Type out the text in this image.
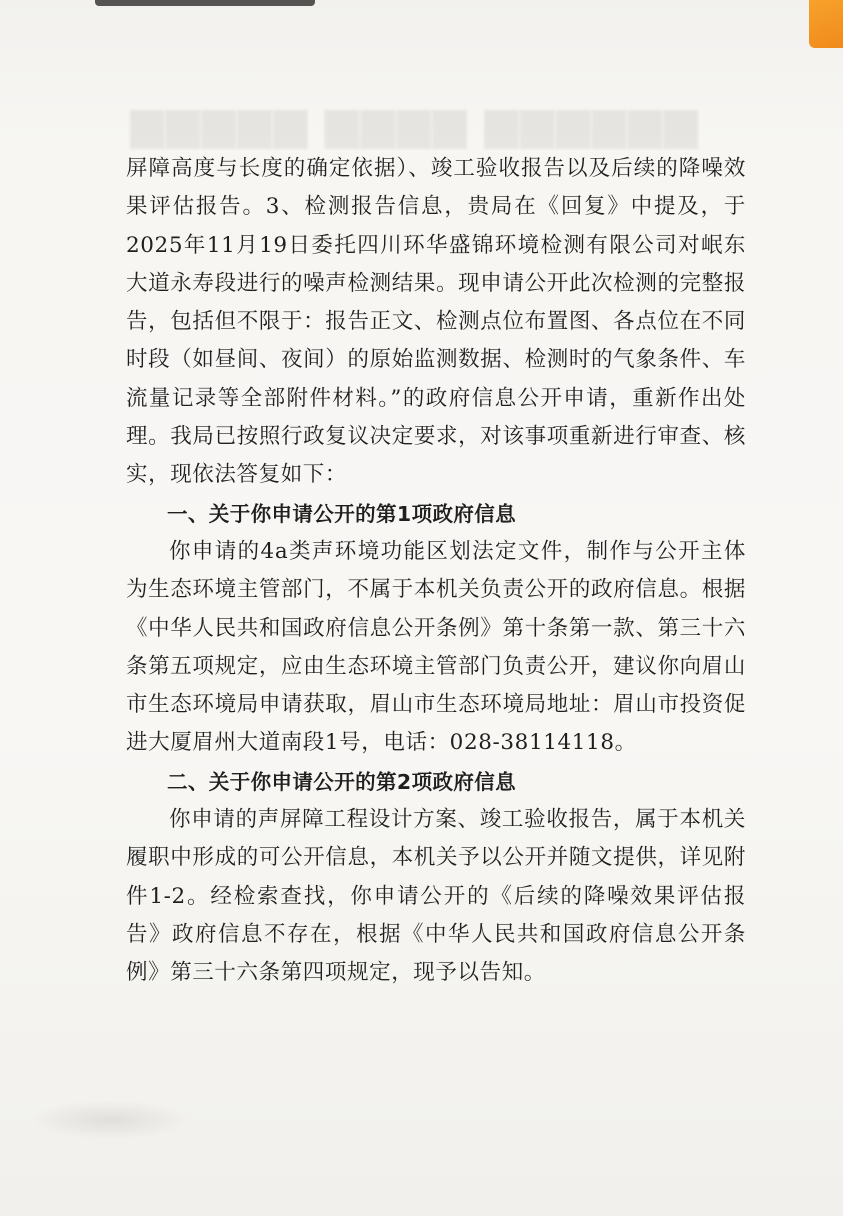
▆▆▆▆▆ ▆▆▆▆ ▆▆▆▆▆▆

屏障高度与长度的确定依据）、竣工验收报告以及后续的降噪效果评估报告。3、检测报告信息，贵局在《回复》中提及，于2025年11月19日委托四川环华盛锦环境检测有限公司对岷东大道永寿段进行的噪声检测结果。现申请公开此次检测的完整报告，包括但不限于：报告正文、检测点位布置图、各点位在不同时段（如昼间、夜间）的原始监测数据、检测时的气象条件、车流量记录等全部附件材料。”的政府信息公开申请，重新作出处理。我局已按照行政复议决定要求，对该事项重新进行审查、核实，现依法答复如下：

一、关于你申请公开的第1项政府信息

你申请的4a类声环境功能区划法定文件，制作与公开主体为生态环境主管部门，不属于本机关负责公开的政府信息。根据《中华人民共和国政府信息公开条例》第十条第一款、第三十六条第五项规定，应由生态环境主管部门负责公开，建议你向眉山市生态环境局申请获取，眉山市生态环境局地址：眉山市投资促进大厦眉州大道南段1号，电话：028-38114118。

二、关于你申请公开的第2项政府信息

你申请的声屏障工程设计方案、竣工验收报告，属于本机关履职中形成的可公开信息，本机关予以公开并随文提供，详见附件1-2。经检索查找，你申请公开的《后续的降噪效果评估报告》政府信息不存在，根据《中华人民共和国政府信息公开条例》第三十六条第四项规定，现予以告知。
